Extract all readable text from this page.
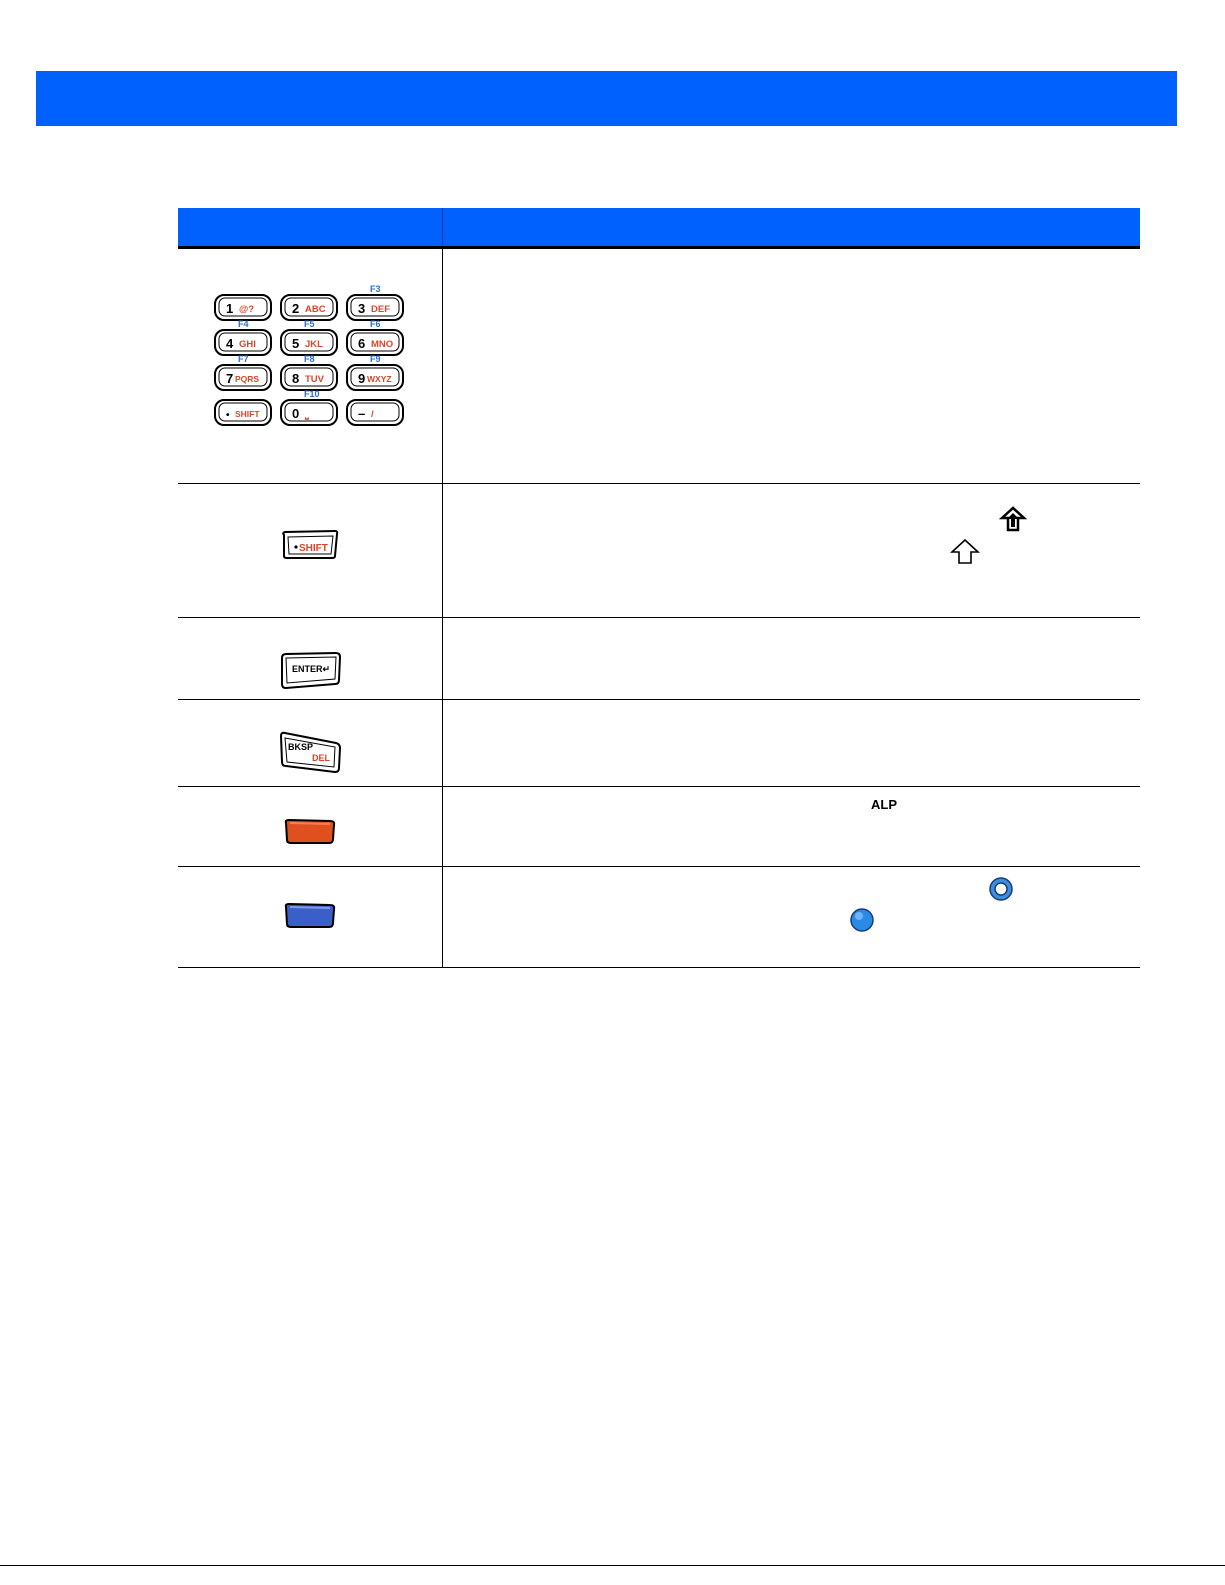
1 @?	2 ABC 3 DEF
F3
4 GHI
F4
5 JKL
F5
6 MNO
F6
7 PQRS
F7
8 TUV
F8
9 WXYZ
F9
• SHIFT 0 ⎵
F10
– /
SHIFT
ENTER↵
BKSP
DEL
ALP
